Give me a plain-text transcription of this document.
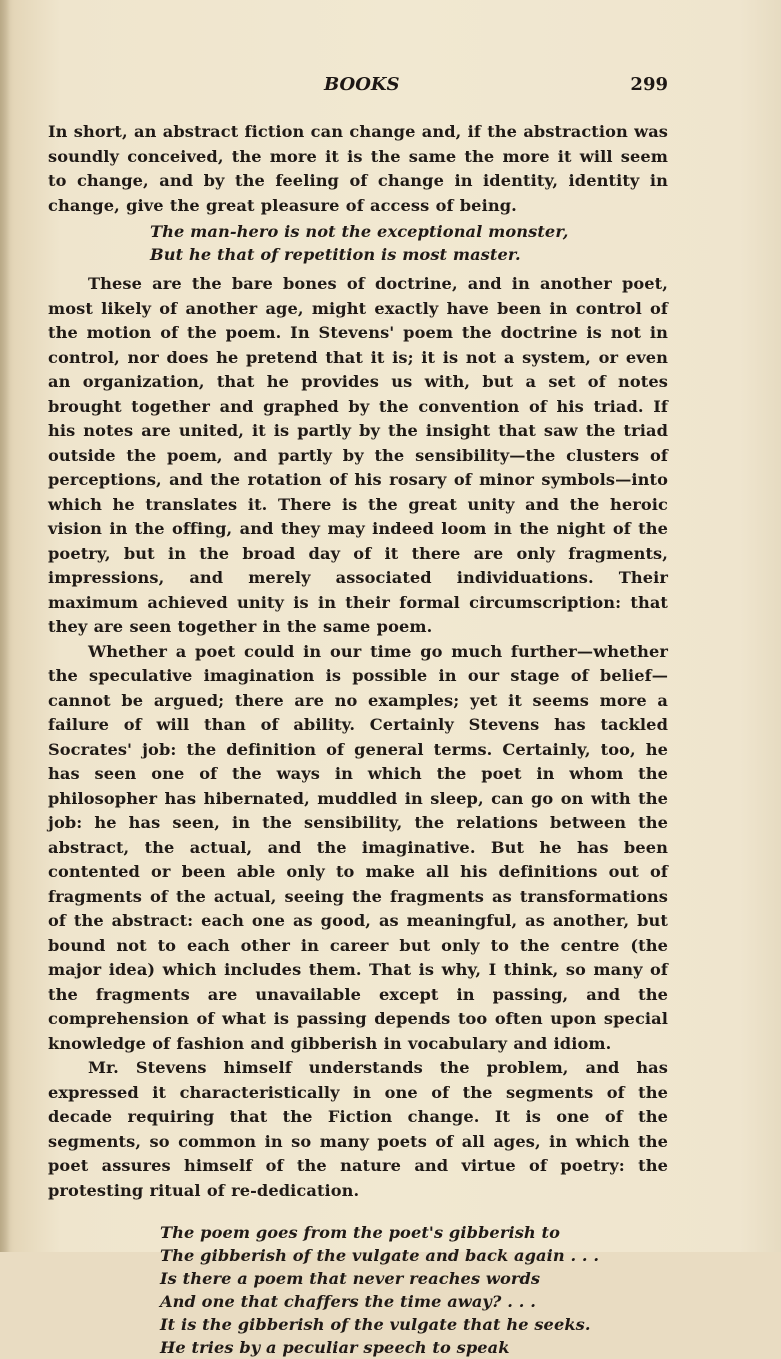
BOOKS	299

In short, an abstract fiction can change and, if the abstraction was soundly conceived, the more it is the same the more it will seem to change, and by the feeling of change in identity, identity in change, give the great pleasure of access of being.

The man-hero is not the exceptional monster,
But he that of repetition is most master.

These are the bare bones of doctrine, and in another poet, most likely of another age, might exactly have been in control of the motion of the poem. In Stevens' poem the doctrine is not in control, nor does he pretend that it is; it is not a system, or even an organization, that he provides us with, but a set of notes brought together and graphed by the convention of his triad. If his notes are united, it is partly by the insight that saw the triad outside the poem, and partly by the sensibility—the clusters of perceptions, and the rotation of his rosary of minor symbols—into which he translates it. There is the great unity and the heroic vision in the offing, and they may indeed loom in the night of the poetry, but in the broad day of it there are only fragments, impressions, and merely associated individuations. Their maximum achieved unity is in their formal circumscription: that they are seen together in the same poem.

Whether a poet could in our time go much further—whether the speculative imagination is possible in our stage of belief—cannot be argued; there are no examples; yet it seems more a failure of will than of ability. Certainly Stevens has tackled Socrates' job: the definition of general terms. Certainly, too, he has seen one of the ways in which the poet in whom the philosopher has hibernated, muddled in sleep, can go on with the job: he has seen, in the sensibility, the relations between the abstract, the actual, and the imaginative. But he has been contented or been able only to make all his definitions out of fragments of the actual, seeing the fragments as transformations of the abstract: each one as good, as meaningful, as another, but bound not to each other in career but only to the centre (the major idea) which includes them. That is why, I think, so many of the fragments are unavailable except in passing, and the comprehension of what is passing depends too often upon special knowledge of fashion and gibberish in vocabulary and idiom.

Mr. Stevens himself understands the problem, and has expressed it characteristically in one of the segments of the decade requiring that the Fiction change. It is one of the segments, so common in so many poets of all ages, in which the poet assures himself of the nature and virtue of poetry: the protesting ritual of re-dedication.

The poem goes from the poet's gibberish to
The gibberish of the vulgate and back again . . .
Is there a poem that never reaches words
And one that chaffers the time away? . . .
It is the gibberish of the vulgate that he seeks.
He tries by a peculiar speech to speak
